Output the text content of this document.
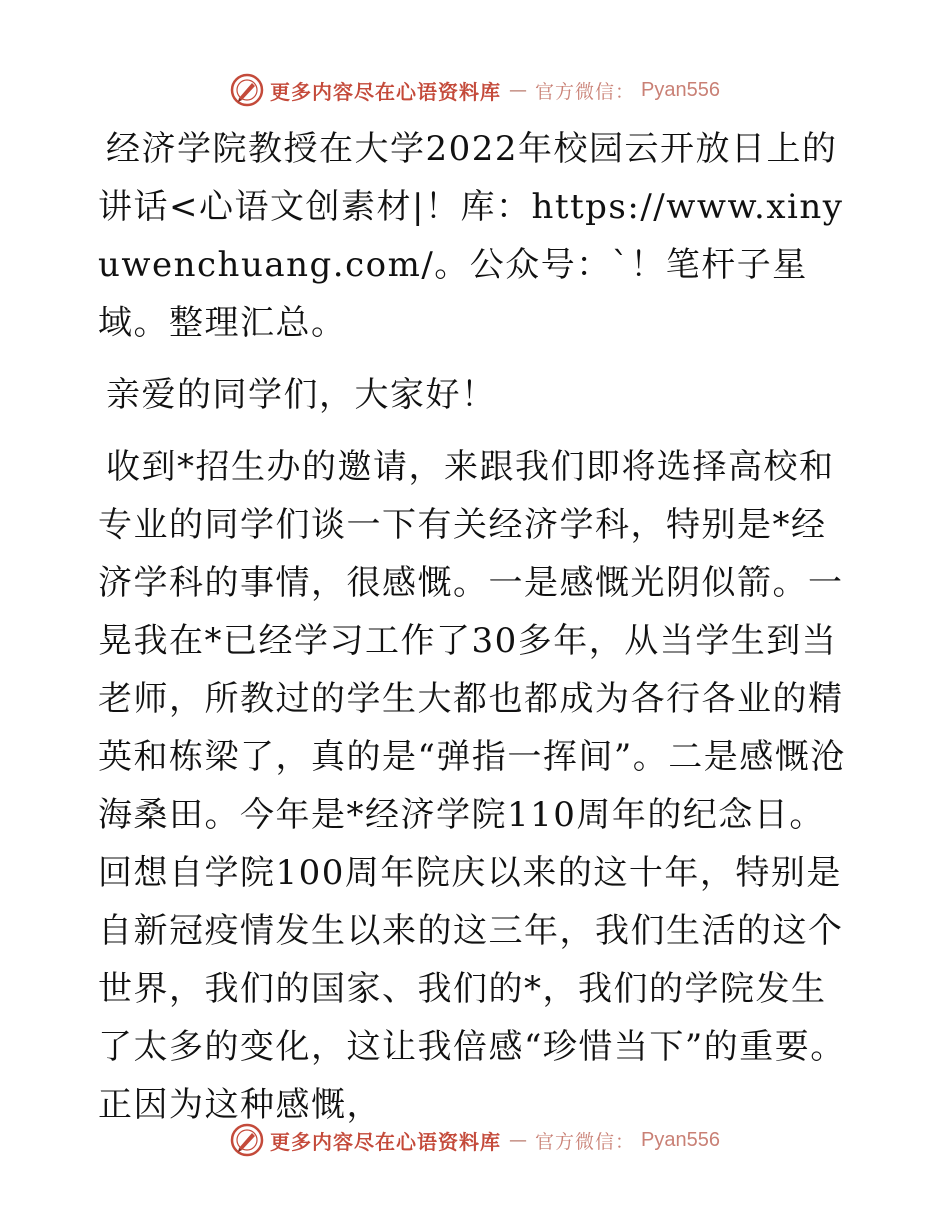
更多内容尽在心语资料库 — 官方微信： Pyan556

经济学院教授在大学2022年校园云开放日上的讲话<心语文创素材|！库：https://www.xinyuwenchuang.com/。公众号：`！笔杆子星域。整理汇总。

亲爱的同学们，大家好！

收到*招生办的邀请，来跟我们即将选择高校和专业的同学们谈一下有关经济学科，特别是*经济学科的事情，很感慨。一是感慨光阴似箭。一晃我在*已经学习工作了30多年，从当学生到当老师，所教过的学生大都也都成为各行各业的精英和栋梁了，真的是“弹指一挥间”。二是感慨沧海桑田。今年是*经济学院110周年的纪念日。回想自学院100周年院庆以来的这十年，特别是自新冠疫情发生以来的这三年，我们生活的这个世界，我们的国家、我们的*，我们的学院发生了太多的变化，这让我倍感“珍惜当下”的重要。正因为这种感慨，

更多内容尽在心语资料库 — 官方微信： Pyan556
